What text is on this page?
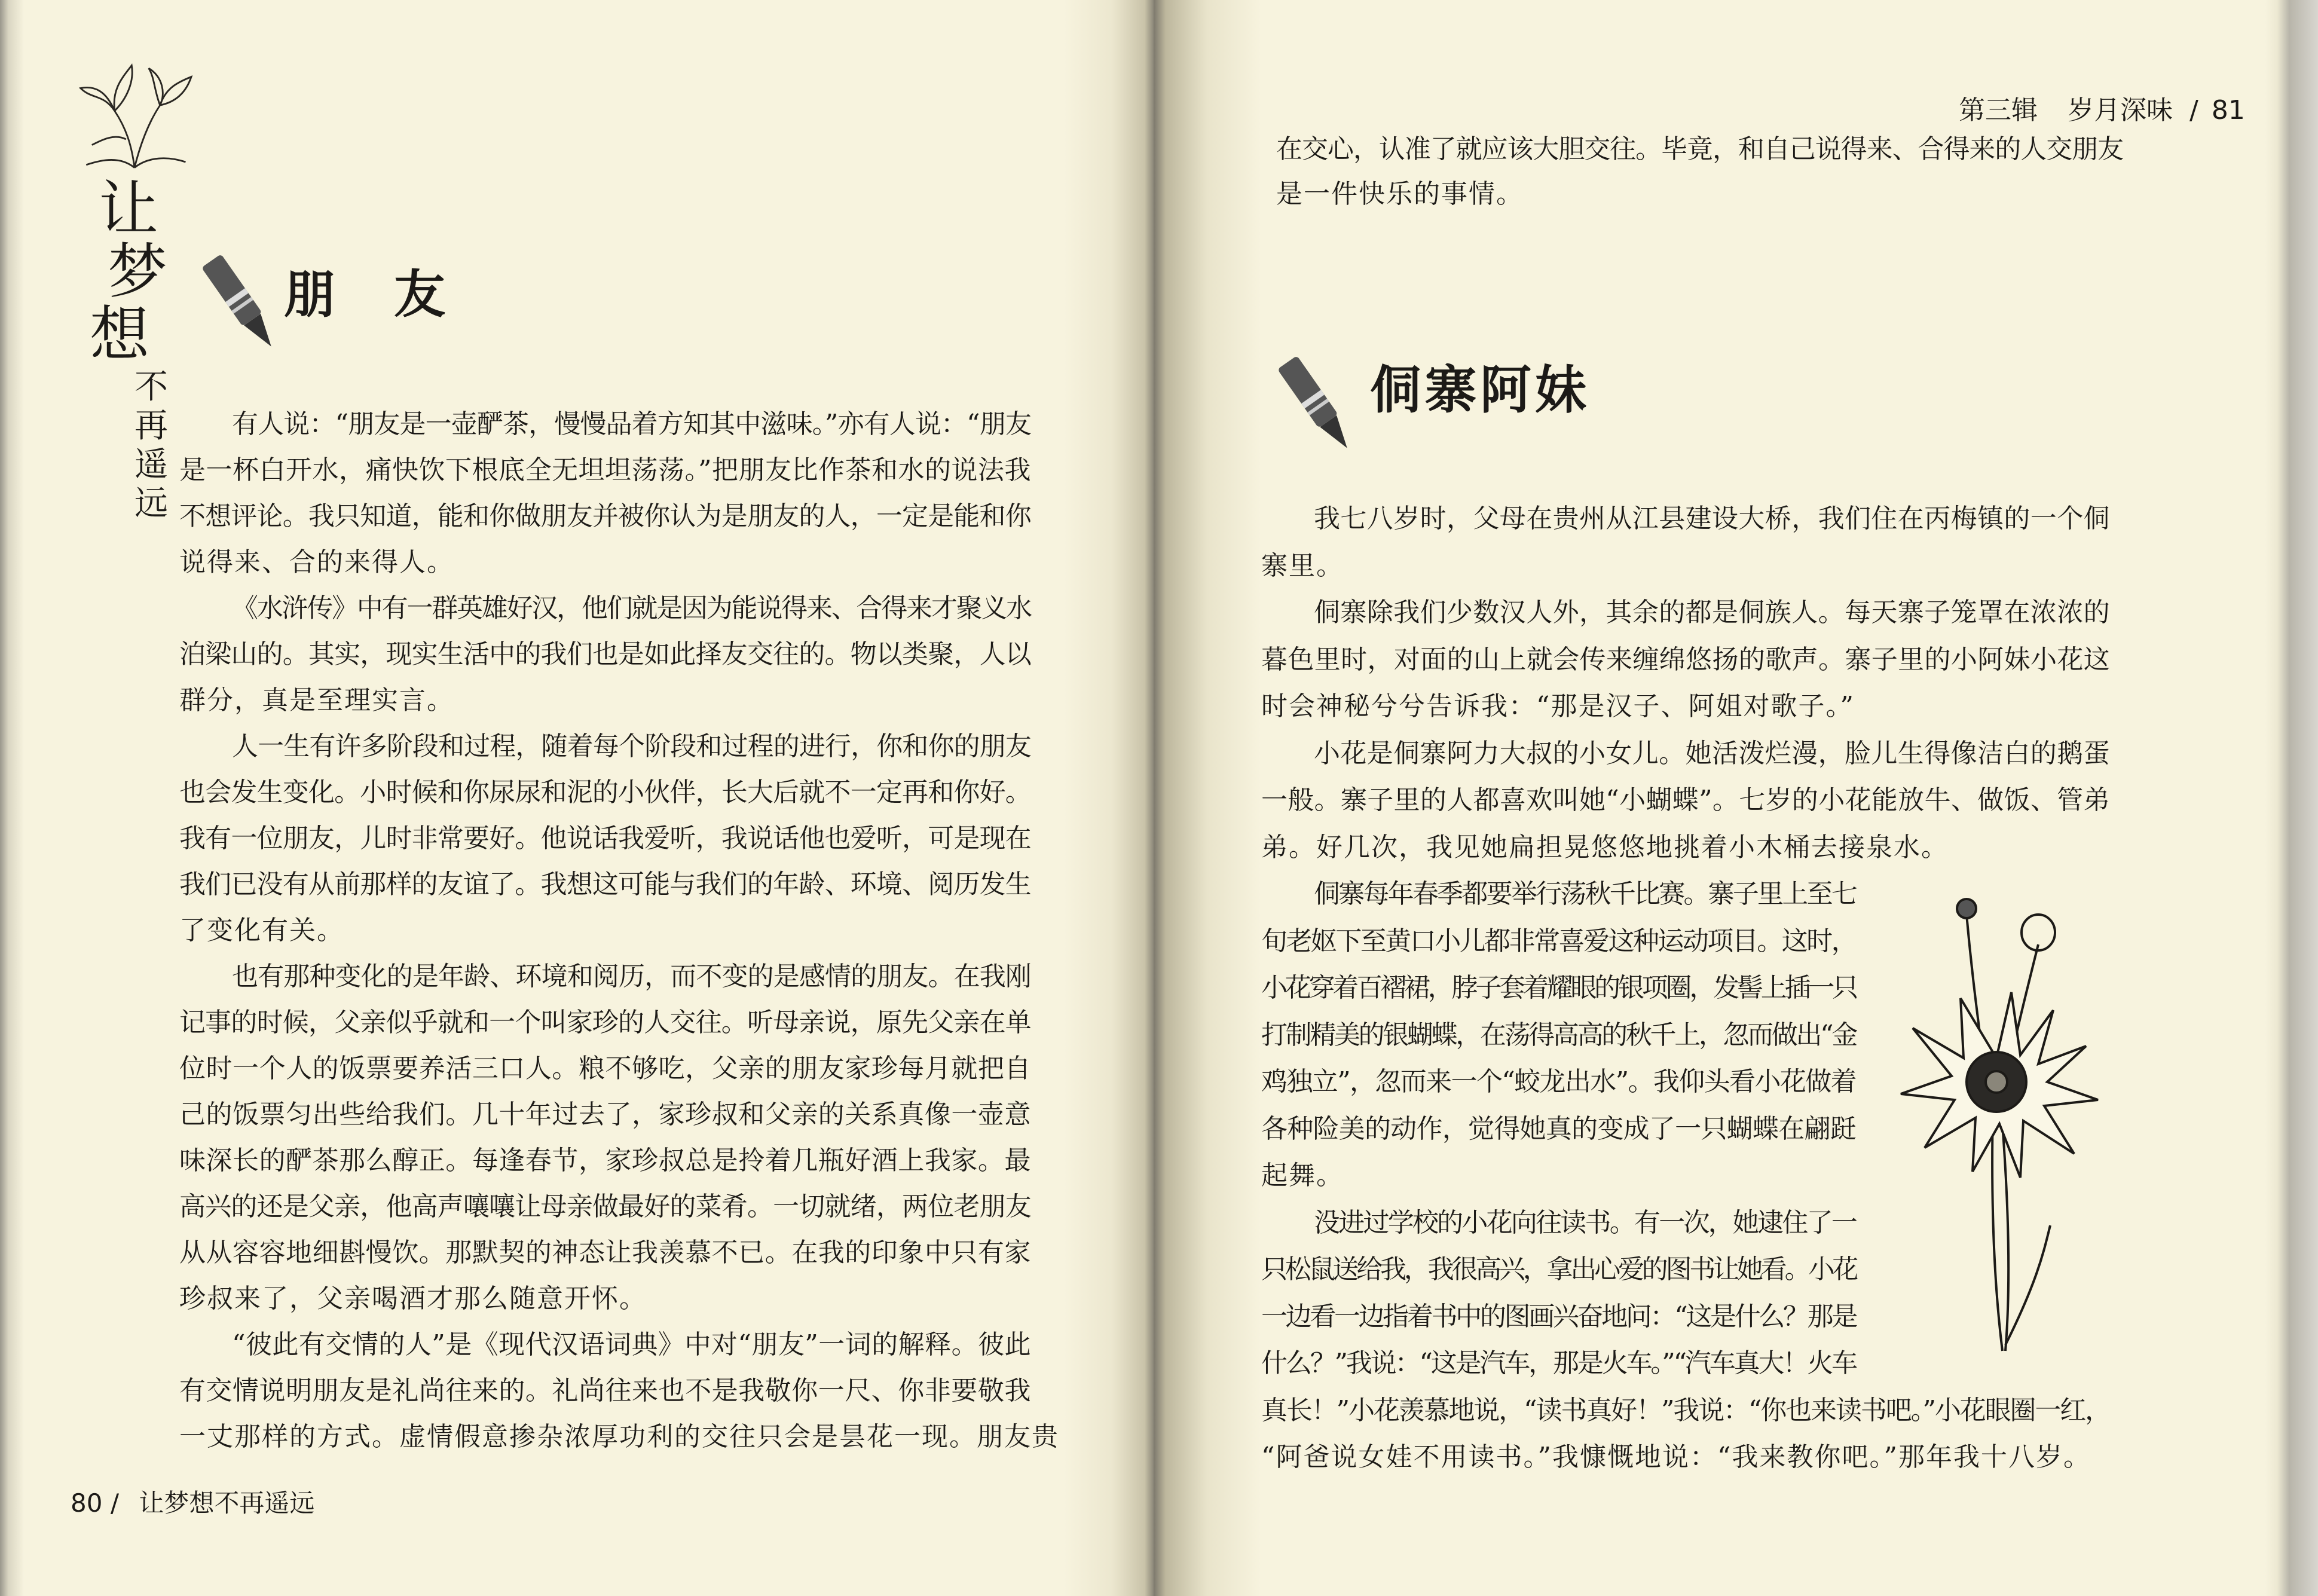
让
梦
想
不
再
遥
远
朋　友
有人说：“朋友是一壶酽茶，慢慢品着方知其中滋味。”亦有人说：“朋友
是一杯白开水，痛快饮下根底全无坦坦荡荡。”把朋友比作茶和水的说法我
不想评论。我只知道，能和你做朋友并被你认为是朋友的人，一定是能和你
说得来、合的来得人。
《水浒传》中有一群英雄好汉，他们就是因为能说得来、合得来才聚义水
泊梁山的。其实，现实生活中的我们也是如此择友交往的。物以类聚，人以
群分，真是至理实言。
人一生有许多阶段和过程，随着每个阶段和过程的进行，你和你的朋友
也会发生变化。小时候和你尿尿和泥的小伙伴，长大后就不一定再和你好。
我有一位朋友，儿时非常要好。他说话我爱听，我说话他也爱听，可是现在
我们已没有从前那样的友谊了。我想这可能与我们的年龄、环境、阅历发生
了变化有关。
也有那种变化的是年龄、环境和阅历，而不变的是感情的朋友。在我刚
记事的时候，父亲似乎就和一个叫家珍的人交往。听母亲说，原先父亲在单
位时一个人的饭票要养活三口人。粮不够吃，父亲的朋友家珍每月就把自
己的饭票匀出些给我们。几十年过去了，家珍叔和父亲的关系真像一壶意
味深长的酽茶那么醇正。每逢春节，家珍叔总是拎着几瓶好酒上我家。最
高兴的还是父亲，他高声嚷嚷让母亲做最好的菜肴。一切就绪，两位老朋友
从从容容地细斟慢饮。那默契的神态让我羡慕不已。在我的印象中只有家
珍叔来了，父亲喝酒才那么随意开怀。
“彼此有交情的人”是《现代汉语词典》中对“朋友”一词的解释。彼此
有交情说明朋友是礼尚往来的。礼尚往来也不是我敬你一尺、你非要敬我
一丈那样的方式。虚情假意掺杂浓厚功利的交往只会是昙花一现。朋友贵
80 / 让梦想不再遥远
第三辑 岁月深味 / 81
在交心，认准了就应该大胆交往。毕竟，和自己说得来、合得来的人交朋友
是一件快乐的事情。
我七八岁时，父母在贵州从江县建设大桥，我们住在丙梅镇的一个侗
寨里。
侗寨除我们少数汉人外，其余的都是侗族人。每天寨子笼罩在浓浓的
暮色里时，对面的山上就会传来缠绵悠扬的歌声。寨子里的小阿妹小花这
时会神秘兮兮告诉我：“那是汉子、阿姐对歌子。”
小花是侗寨阿力大叔的小女儿。她活泼烂漫，脸儿生得像洁白的鹅蛋
一般。寨子里的人都喜欢叫她“小蝴蝶”。七岁的小花能放牛、做饭、管弟
弟。好几次，我见她扁担晃悠悠地挑着小木桶去接泉水。
侗寨每年春季都要举行荡秋千比赛。寨子里上至七
旬老妪下至黄口小儿都非常喜爱这种运动项目。这时，
小花穿着百褶裙，脖子套着耀眼的银项圈，发髻上插一只
打制精美的银蝴蝶，在荡得高高的秋千上，忽而做出“金
鸡独立”，忽而来一个“蛟龙出水”。我仰头看小花做着
各种险美的动作，觉得她真的变成了一只蝴蝶在翩跹
起舞。
没进过学校的小花向往读书。有一次，她逮住了一
只松鼠送给我，我很高兴，拿出心爱的图书让她看。小花
一边看一边指着书中的图画兴奋地问：“这是什么？那是
什么？”我说：“这是汽车，那是火车。”“汽车真大！火车
真长！”小花羡慕地说，“读书真好！”我说：“你也来读书吧。”小花眼圈一红，
“阿爸说女娃不用读书。”我慷慨地说：“我来教你吧。”那年我十八岁。
侗寨阿妹
